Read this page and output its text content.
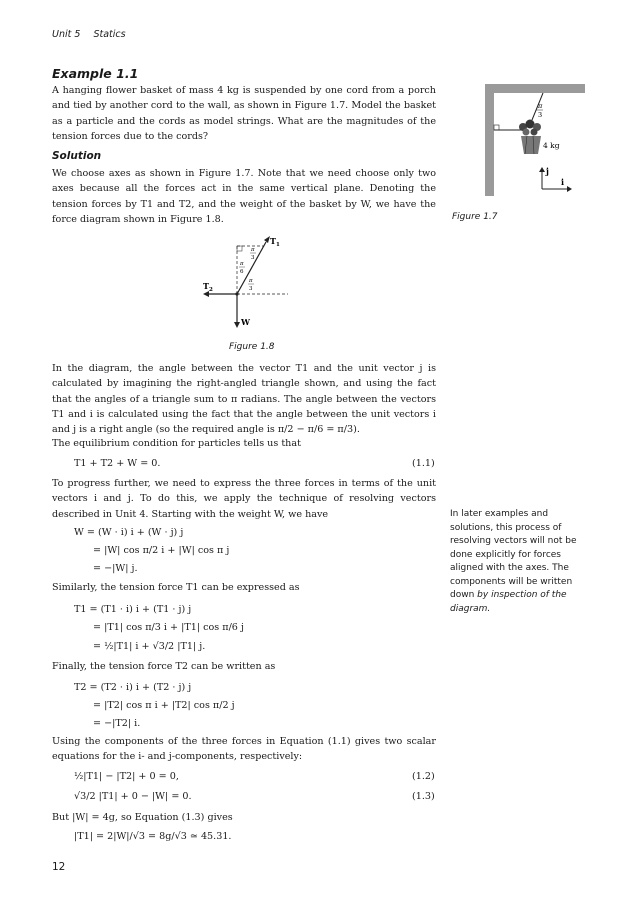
Unit 5 Statics
Example 1.1
A hanging flower basket of mass 4 kg is suspended by one cord from a porch and tied by another cord to the wall, as shown in Figure 1.7. Model the basket as a particle and the cords as model strings. What are the magnitudes of the tension forces due to the cords?
Solution
We choose axes as shown in Figure 1.7. Note that we need choose only two axes because all the forces act in the same vertical plane. Denoting the tension forces by T1 and T2, and the weight of the basket by W, we have the force diagram shown in Figure 1.8.
π
3
4 kg
j
i
Figure 1.7
$T_1$
$T_2$
W
π
3
π
6
π
3
Figure 1.8
In the diagram, the angle between the vector T1 and the unit vector j is calculated by imagining the right-angled triangle shown, and using the fact that the angles of a triangle sum to π radians. The angle between the vectors T1 and i is calculated using the fact that the angle between the unit vectors i and j is a right angle (so the required angle is π/2 − π/6 = π/3).
The equilibrium condition for particles tells us that
T1 + T2 + W = 0.	(1.1)
To progress further, we need to express the three forces in terms of the unit vectors i and j. To do this, we apply the technique of resolving vectors described in Unit 4. Starting with the weight W, we have
W = (W · i) i + (W · j) j
= |W| cos π/2 i + |W| cos π j
= −|W| j.
In later examples and solutions, this process of resolving vectors will not be done explicitly for forces aligned with the axes. The components will be written down by inspection of the diagram.
Similarly, the tension force T1 can be expressed as
T1 = (T1 · i) i + (T1 · j) j
= |T1| cos π/3 i + |T1| cos π/6 j
= ½|T1| i + √3/2 |T1| j.
Finally, the tension force T2 can be written as
T2 = (T2 · i) i + (T2 · j) j
= |T2| cos π i + |T2| cos π/2 j
= −|T2| i.
Using the components of the three forces in Equation (1.1) gives two scalar equations for the i- and j-components, respectively:
½|T1| − |T2| + 0 = 0,	(1.2)
√3/2 |T1| + 0 − |W| = 0.	(1.3)
But |W| = 4g, so Equation (1.3) gives
|T1| = 2|W|/√3 = 8g/√3 ≃ 45.31.
12
